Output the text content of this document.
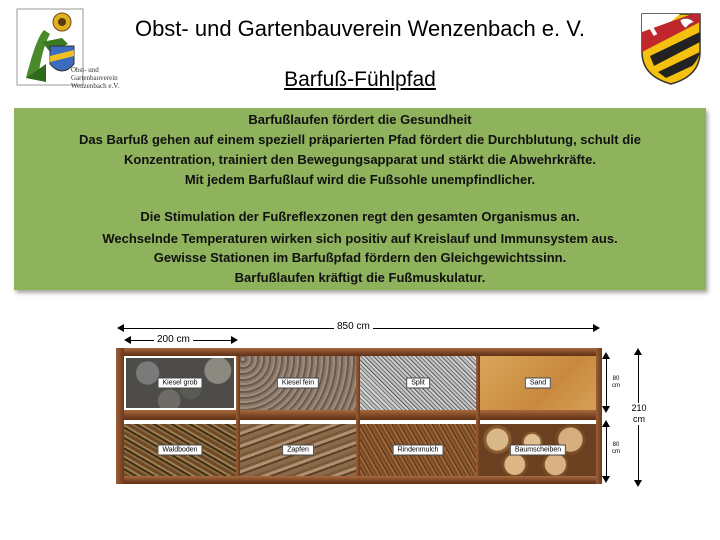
Obst- und
Gartenbauverein
Wenzenbach e.V.
Obst- und Gartenbauverein Wenzenbach e. V.
Barfuß-Fühlpfad
Barfußlaufen fördert die Gesundheit
Das Barfuß gehen auf einem speziell präparierten Pfad fördert die Durchblutung, schult die
Konzentration, trainiert den Bewegungsapparat und stärkt die Abwehrkräfte.
Mit jedem Barfußlauf wird die Fußsohle unempfindlicher.
Die Stimulation der Fußreflexzonen regt den gesamten Organismus an.
Wechselnde Temperaturen wirken sich positiv auf Kreislauf und Immunsystem aus.
Gewisse Stationen im Barfußpfad fördern den Gleichgewichtssinn.
Barfußlaufen kräftigt die Fußmuskulatur.
850 cm
200 cm
210 cm
80 cm
80 cm
Kiesel grob	Kiesel fein	Split	Sand
Waldboden	Zapfen	Rindenmulch	Baumscheiben
